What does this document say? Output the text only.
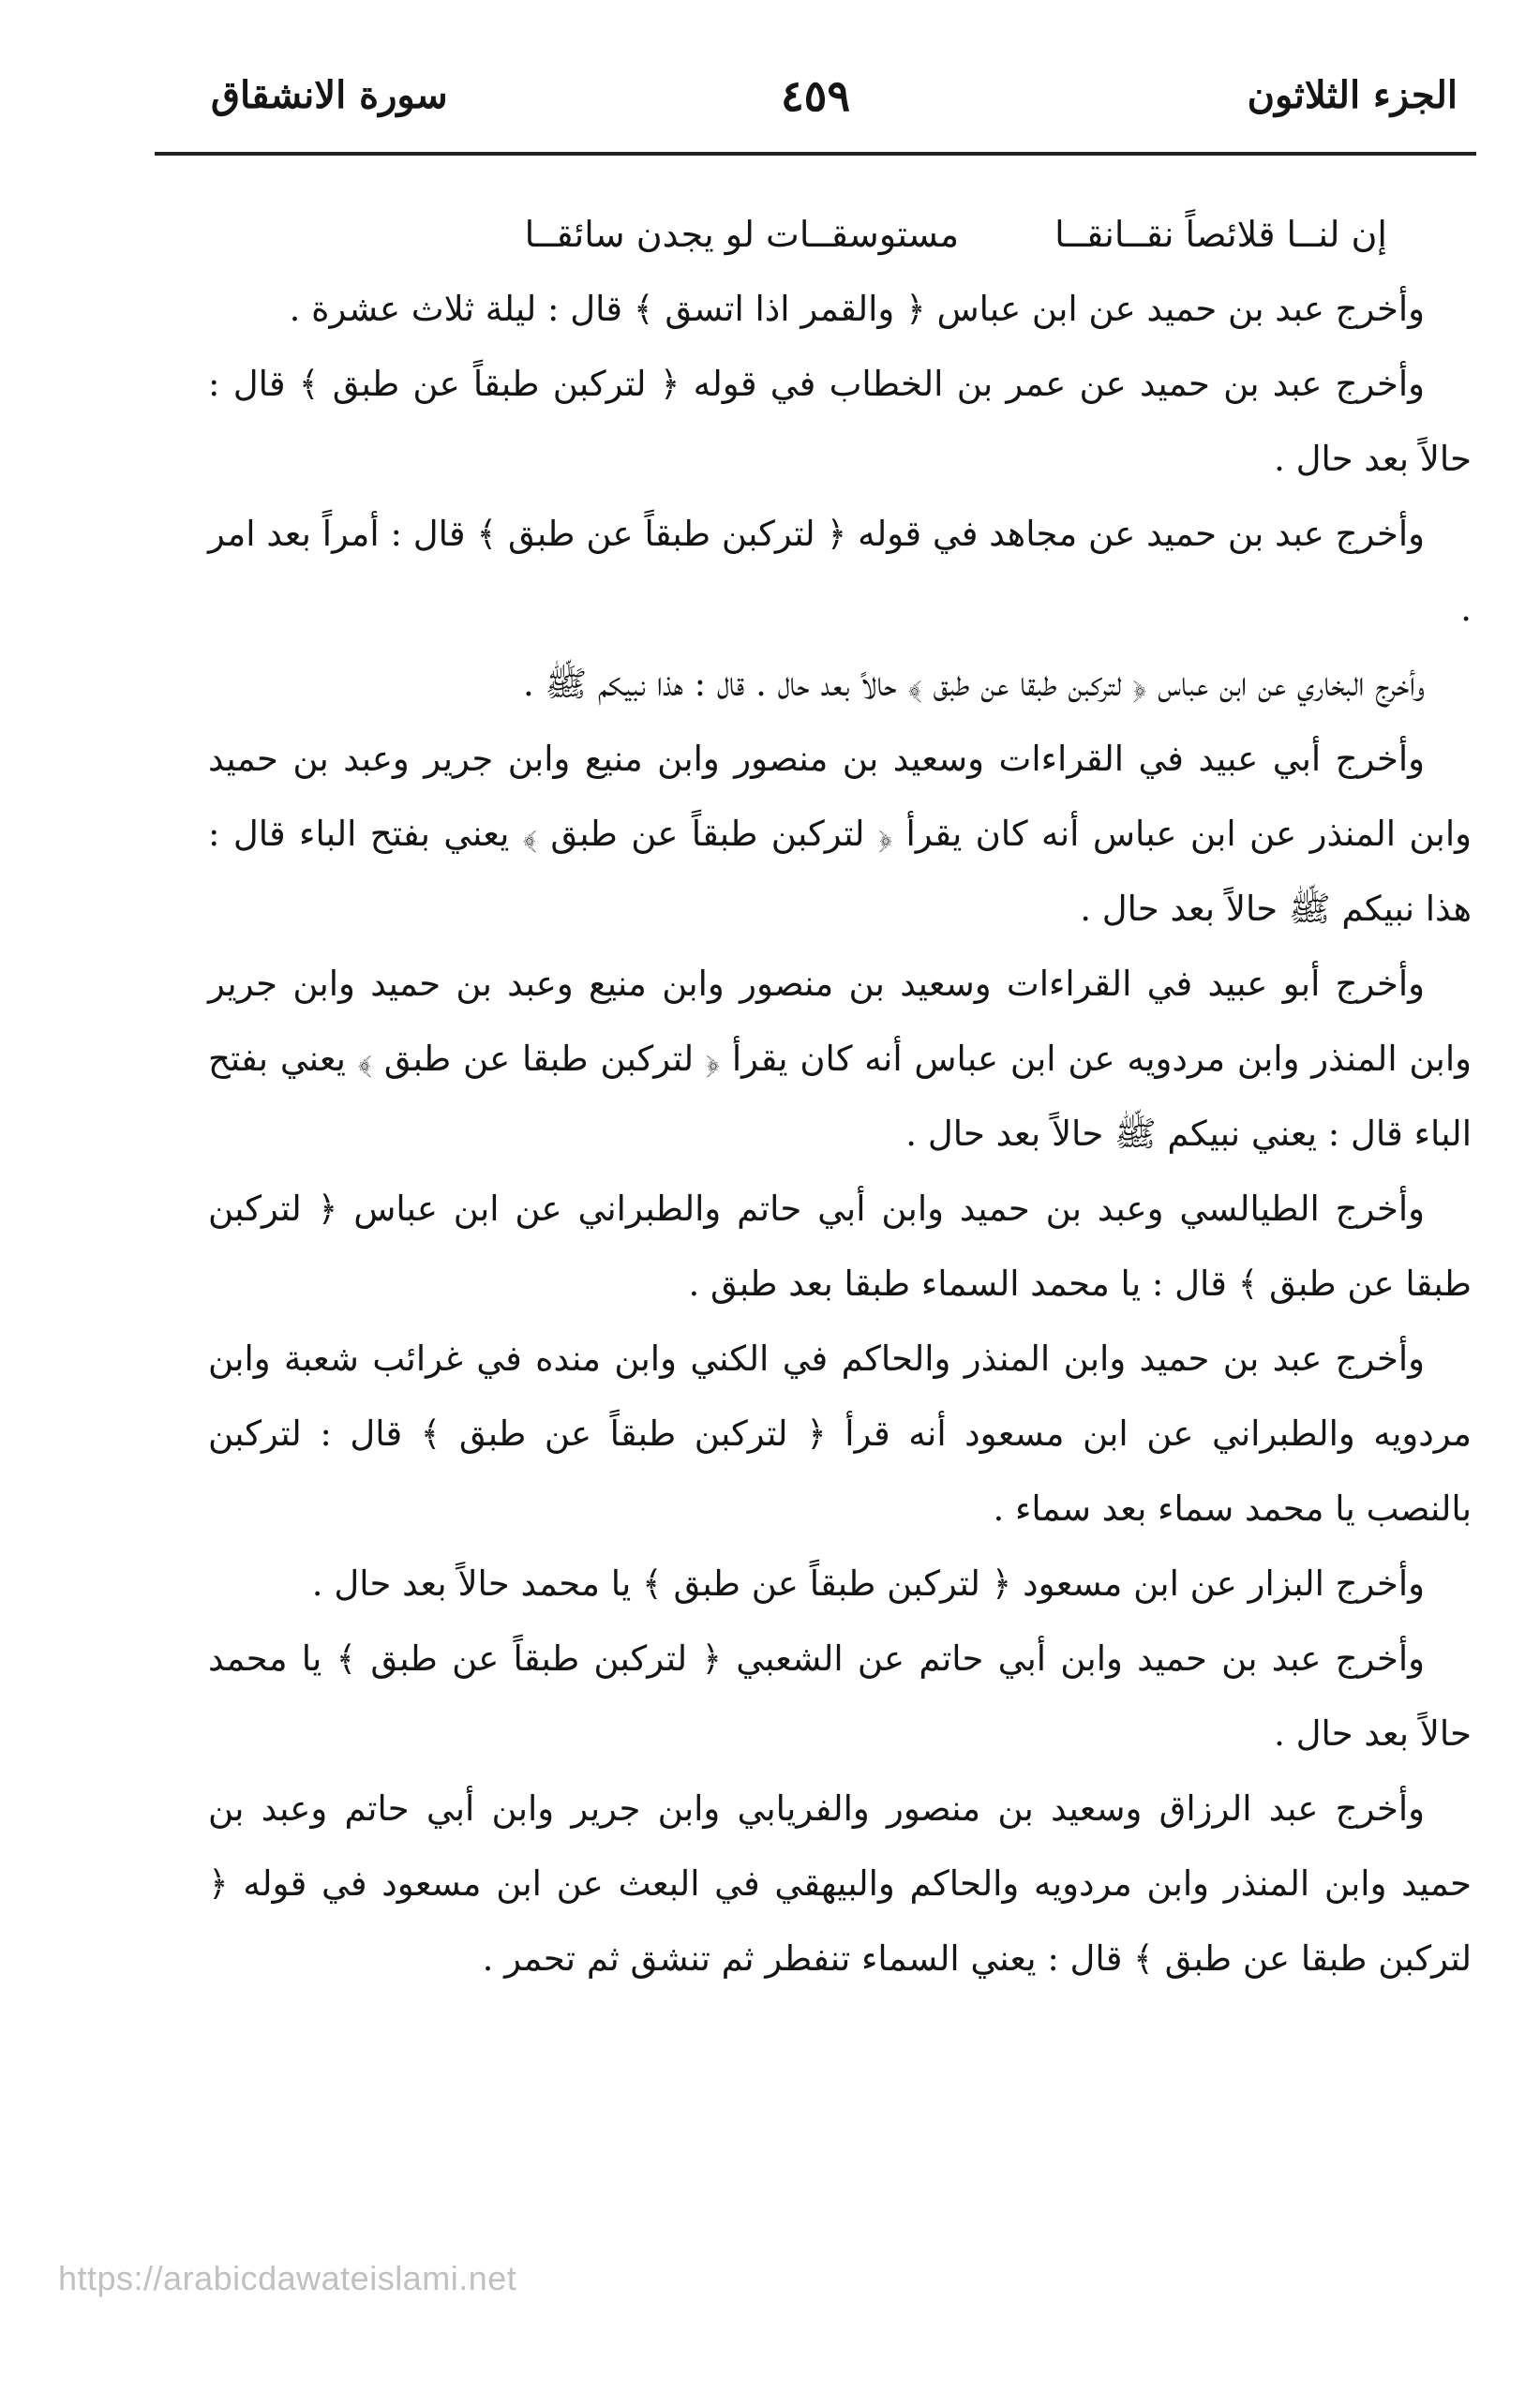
الجزء الثلاثون
٤٥٩
سورة الانشقاق
إن لنــا قلائصاً نقــانقــا مستوسقــات لو يجدن سائقــا

وأخرج عبد بن حميد عن ابن عباس ﴿ والقمر اذا اتسق ﴾ قال : ليلة ثلاث عشرة .

وأخرج عبد بن حميد عن عمر بن الخطاب في قوله ﴿ لتركبن طبقاً عن طبق ﴾ قال : حالاً بعد حال .

وأخرج عبد بن حميد عن مجاهد في قوله ﴿ لتركبن طبقاً عن طبق ﴾ قال : أمراً بعد امر .

وأخرج البخاري عن ابن عباس ﴿ لتركبن طبقا عن طبق ﴾ حالاً بعد حال . قال : هذا نبيكم ﷺ .

وأخرج أبي عبيد في القراءات وسعيد بن منصور وابن منيع وابن جرير وعبد بن حميد وابن المنذر عن ابن عباس أنه كان يقرأ ﴿ لتركبن طبقاً عن طبق ﴾ يعني بفتح الباء قال : هذا نبيكم ﷺ حالاً بعد حال .

وأخرج أبو عبيد في القراءات وسعيد بن منصور وابن منيع وعبد بن حميد وابن جرير وابن المنذر وابن مردويه عن ابن عباس أنه كان يقرأ ﴿ لتركبن طبقا عن طبق ﴾ يعني بفتح الباء قال : يعني نبيكم ﷺ حالاً بعد حال .

وأخرج الطيالسي وعبد بن حميد وابن أبي حاتم والطبراني عن ابن عباس ﴿ لتركبن طبقا عن طبق ﴾ قال : يا محمد السماء طبقا بعد طبق .

وأخرج عبد بن حميد وابن المنذر والحاكم في الكني وابن منده في غرائب شعبة وابن مردويه والطبراني عن ابن مسعود أنه قرأ ﴿ لتركبن طبقاً عن طبق ﴾ قال : لتركبن بالنصب يا محمد سماء بعد سماء .

وأخرج البزار عن ابن مسعود ﴿ لتركبن طبقاً عن طبق ﴾ يا محمد حالاً بعد حال .

وأخرج عبد بن حميد وابن أبي حاتم عن الشعبي ﴿ لتركبن طبقاً عن طبق ﴾ يا محمد حالاً بعد حال .

وأخرج عبد الرزاق وسعيد بن منصور والفريابي وابن جرير وابن أبي حاتم وعبد بن حميد وابن المنذر وابن مردويه والحاكم والبيهقي في البعث عن ابن مسعود في قوله ﴿ لتركبن طبقا عن طبق ﴾ قال : يعني السماء تنفطر ثم تنشق ثم تحمر .

https://arabicdawateislami.net
